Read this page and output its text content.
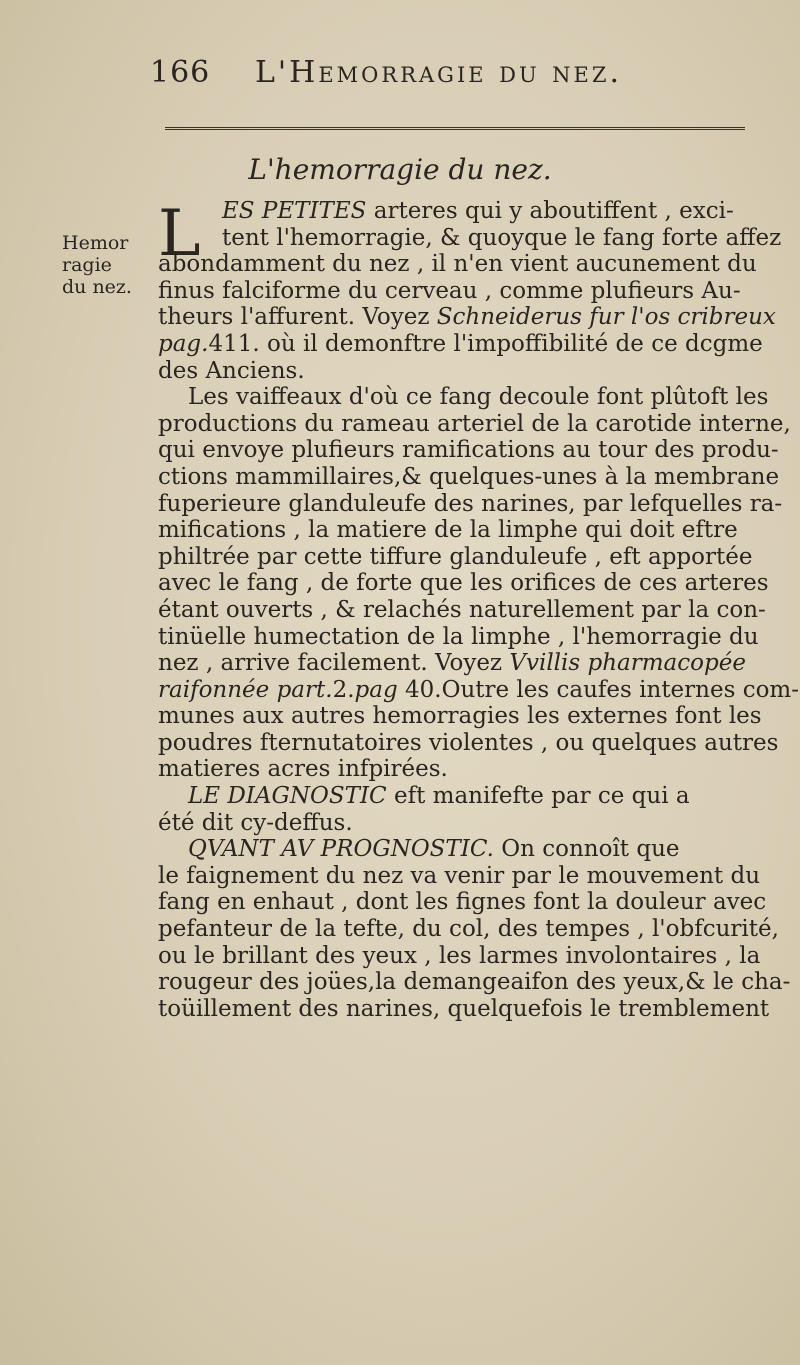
166 L'Hemorragie du nez.
L'hemorragie du nez.
Hemor
ragie
du nez.
L ES PETITES arteres qui y aboutiffent , exci-
tent l'hemorragie, & quoyque le fang forte affez
abondamment du nez , il n'en vient aucunement du
finus falciforme du cerveau , comme plufieurs Au-
theurs l'affurent. Voyez Schneiderus fur l'os cribreux
pag.411. où il demonftre l'impoffibilité de ce dcgme
des Anciens.
Les vaiffeaux d'où ce fang decoule font plûtoft les
productions du rameau arteriel de la carotide interne,
qui envoye plufieurs ramifications au tour des produ-
ctions mammillaires,& quelques-unes à la membrane
fuperieure glanduleufe des narines, par lefquelles ra-
mifications , la matiere de la limphe qui doit eftre
philtrée par cette tiffure glanduleufe , eft apportée
avec le fang , de forte que les orifices de ces arteres
étant ouverts , & relachés naturellement par la con-
tinüelle humectation de la limphe , l'hemorragie du
nez , arrive facilement. Voyez Vvillis pharmacopée
raifonnée part.2.pag 40.Outre les caufes internes com-
munes aux autres hemorragies les externes font les
poudres fternutatoires violentes , ou quelques autres
matieres acres infpirées.
LE DIAGNOSTIC eft manifefte par ce qui a
été dit cy-deffus.
QVANT AV PROGNOSTIC. On connoît que
le faignement du nez va venir par le mouvement du
fang en enhaut , dont les fignes font la douleur avec
pefanteur de la tefte, du col, des tempes , l'obfcurité,
ou le brillant des yeux , les larmes involontaires , la
rougeur des joües,la demangeaifon des yeux,& le cha-
toüillement des narines, quelquefois le tremblement
